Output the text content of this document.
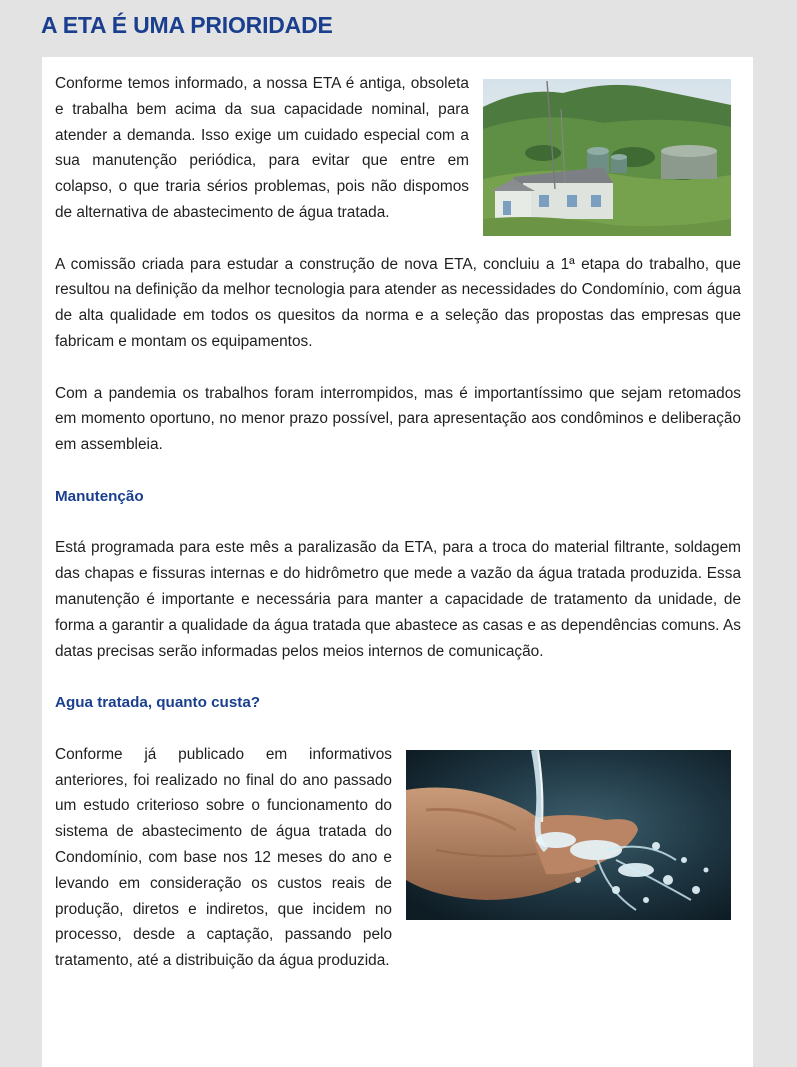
A ETA É UMA PRIORIDADE

Conforme temos informado, a nossa ETA é antiga, obsoleta e trabalha bem acima da sua capacidade nominal, para atender a demanda. Isso exige um cuidado especial com a sua manutenção periódica, para evitar que entre em colapso, o que traria sérios problemas, pois não dispomos de alternativa de abastecimento de água tratada.

A comissão criada para estudar a construção de nova ETA, concluiu a 1ª etapa do trabalho, que resultou na definição da melhor tecnologia para atender as necessidades do Condomínio, com água de alta qualidade em todos os quesitos da norma e a seleção das propostas das empresas que fabricam e montam os equipamentos.

Com a pandemia os trabalhos foram interrompidos, mas é importantíssimo que sejam retomados em momento oportuno, no menor prazo possível, para apresentação aos condôminos e deliberação em assembleia.

Manutenção

Está programada para este mês a paralizasão da ETA, para a troca do material filtrante, soldagem das chapas e fissuras internas e do hidrômetro que mede a vazão da água tratada produzida. Essa manutenção é importante e necessária para manter a capacidade de tratamento da unidade, de forma a garantir a qualidade da água tratada que abastece as casas e as dependências comuns. As datas precisas serão informadas pelos meios internos de comunicação.

Agua tratada, quanto custa?

Conforme já publicado em informativos anteriores, foi realizado no final do ano passado um estudo criterioso sobre o funcionamento do sistema de abastecimento de água tratada do Condomínio, com base nos 12 meses do ano e levando em consideração os custos reais de produção, diretos e indiretos, que incidem no processo, desde a captação, passando pelo tratamento, até a distribuição da água produzida.
